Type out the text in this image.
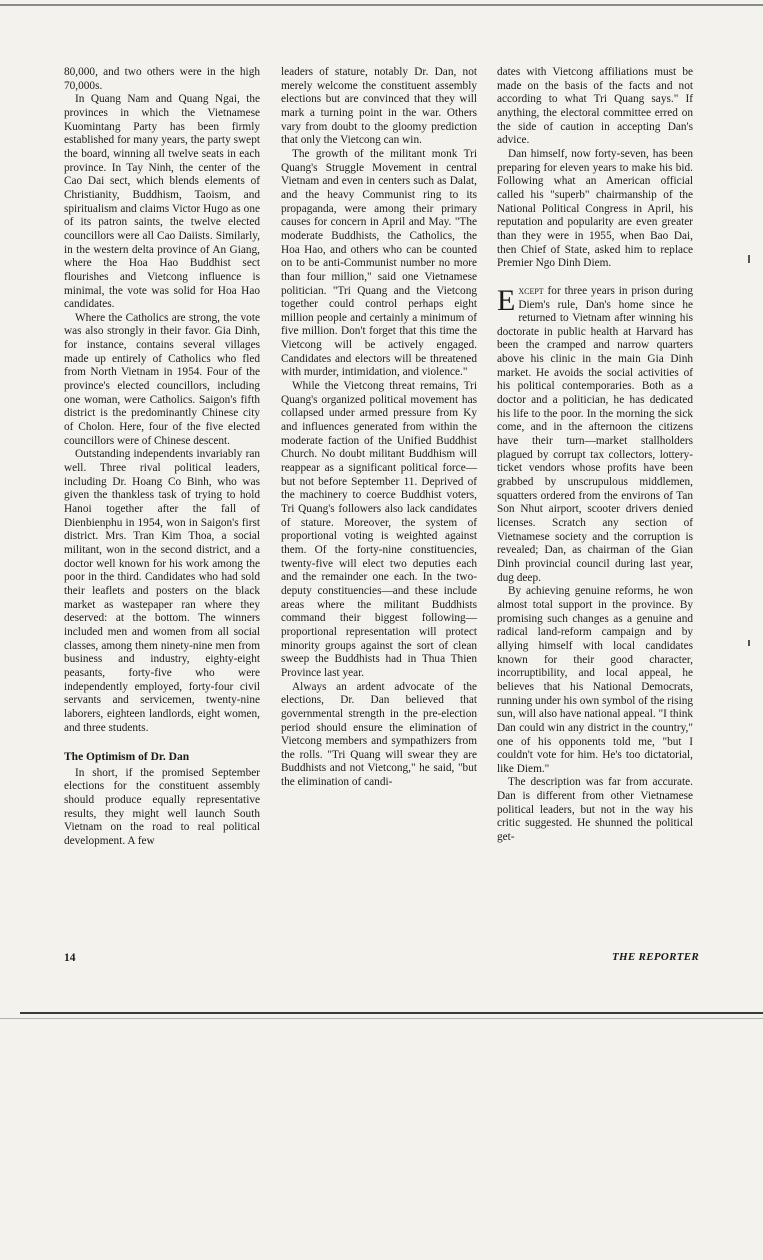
80,000, and two others were in the high 70,000s.

In Quang Nam and Quang Ngai, the provinces in which the Vietnamese Kuomintang Party has been firmly established for many years, the party swept the board, winning all twelve seats in each province. In Tay Ninh, the center of the Cao Dai sect, which blends elements of Christianity, Buddhism, Taoism, and spiritualism and claims Victor Hugo as one of its patron saints, the twelve elected councillors were all Cao Daiists. Similarly, in the western delta province of An Giang, where the Hoa Hao Buddhist sect flourishes and Vietcong influence is minimal, the vote was solid for Hoa Hao candidates.

Where the Catholics are strong, the vote was also strongly in their favor. Gia Dinh, for instance, contains several villages made up entirely of Catholics who fled from North Vietnam in 1954. Four of the province's elected councillors, including one woman, were Catholics. Saigon's fifth district is the predominantly Chinese city of Cholon. Here, four of the five elected councillors were of Chinese descent.

Outstanding independents invariably ran well. Three rival political leaders, including Dr. Hoang Co Binh, who was given the thankless task of trying to hold Hanoi together after the fall of Dienbienphu in 1954, won in Saigon's first district. Mrs. Tran Kim Thoa, a social militant, won in the second district, and a doctor well known for his work among the poor in the third. Candidates who had sold their leaflets and posters on the black market as wastepaper ran where they deserved: at the bottom. The winners included men and women from all social classes, among them ninety-nine men from business and industry, eighty-eight peasants, forty-five who were independently employed, forty-four civil servants and servicemen, twenty-nine laborers, eighteen landlords, eight women, and three students.

The Optimism of Dr. Dan

In short, if the promised September elections for the constituent assembly should produce equally representative results, they might well launch South Vietnam on the road to real political development. A few

leaders of stature, notably Dr. Dan, not merely welcome the constituent assembly elections but are convinced that they will mark a turning point in the war. Others vary from doubt to the gloomy prediction that only the Vietcong can win.

The growth of the militant monk Tri Quang's Struggle Movement in central Vietnam and even in centers such as Dalat, and the heavy Communist ring to its propaganda, were among their primary causes for concern in April and May. "The moderate Buddhists, the Catholics, the Hoa Hao, and others who can be counted on to be anti-Communist number no more than four million," said one Vietnamese politician. "Tri Quang and the Vietcong together could control perhaps eight million people and certainly a minimum of five million. Don't forget that this time the Vietcong will be actively engaged. Candidates and electors will be threatened with murder, intimidation, and violence."

While the Vietcong threat remains, Tri Quang's organized political movement has collapsed under armed pressure from Ky and influences generated from within the moderate faction of the Unified Buddhist Church. No doubt militant Buddhism will reappear as a significant political force—but not before September 11. Deprived of the machinery to coerce Buddhist voters, Tri Quang's followers also lack candidates of stature. Moreover, the system of proportional voting is weighted against them. Of the forty-nine constituencies, twenty-five will elect two deputies each and the remainder one each. In the two-deputy constituencies—and these include areas where the militant Buddhists command their biggest following—proportional representation will protect minority groups against the sort of clean sweep the Buddhists had in Thua Thien Province last year.

Always an ardent advocate of the elections, Dr. Dan believed that governmental strength in the pre-election period should ensure the elimination of Vietcong members and sympathizers from the rolls. "Tri Quang will swear they are Buddhists and not Vietcong," he said, "but the elimination of candi-

dates with Vietcong affiliations must be made on the basis of the facts and not according to what Tri Quang says." If anything, the electoral committee erred on the side of caution in accepting Dan's advice.

Dan himself, now forty-seven, has been preparing for eleven years to make his bid. Following what an American official called his "superb" chairmanship of the National Political Congress in April, his reputation and popularity are even greater than they were in 1955, when Bao Dai, then Chief of State, asked him to replace Premier Ngo Dinh Diem.

Except for three years in prison during Diem's rule, Dan's home since he returned to Vietnam after winning his doctorate in public health at Harvard has been the cramped and narrow quarters above his clinic in the main Gia Dinh market. He avoids the social activities of his political contemporaries. Both as a doctor and a politician, he has dedicated his life to the poor. In the morning the sick come, and in the afternoon the citizens have their turn—market stallholders plagued by corrupt tax collectors, lottery-ticket vendors whose profits have been grabbed by unscrupulous middlemen, squatters ordered from the environs of Tan Son Nhut airport, scooter drivers denied licenses. Scratch any section of Vietnamese society and the corruption is revealed; Dan, as chairman of the Gian Dinh provincial council during last year, dug deep.

By achieving genuine reforms, he won almost total support in the province. By promising such changes as a genuine and radical land-reform campaign and by allying himself with local candidates known for their good character, incorruptibility, and local appeal, he believes that his National Democrats, running under his own symbol of the rising sun, will also have national appeal. "I think Dan could win any district in the country," one of his opponents told me, "but I couldn't vote for him. He's too dictatorial, like Diem."

The description was far from accurate. Dan is different from other Vietnamese political leaders, but not in the way his critic suggested. He shunned the political get-

14	THE REPORTER
